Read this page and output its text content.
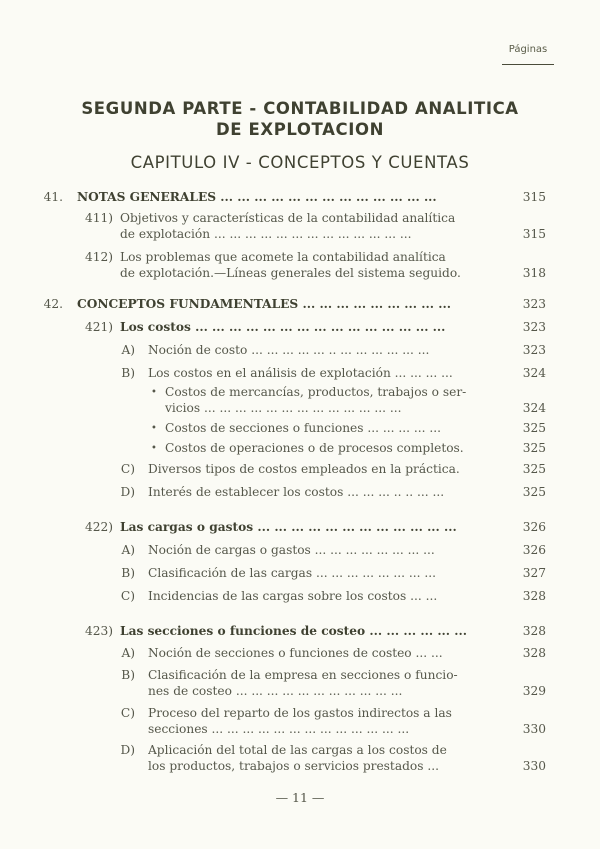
Páginas
SEGUNDA PARTE - CONTABILIDAD ANALITICA
DE EXPLOTACION
CAPITULO IV - CONCEPTOS Y CUENTAS
41. NOTAS GENERALES ... ... ... ... ... ... ... ... ... ... ... ... ...	315
411) Objetivos y características de la contabilidad analítica
de explotación ... ... ... ... ... ... ... ... ... ... ... ... ...	315
412) Los problemas que acomete la contabilidad analítica
de explotación.—Líneas generales del sistema seguido.	318
42. CONCEPTOS FUNDAMENTALES ... ... ... ... ... ... ... ... ...	323
421) Los costos ... ... ... ... ... ... ... ... ... ... ... ... ... ... ...	323
A) Noción de costo ... ... ... ... ... .. ... ... ... ... ... ...	323
B) Los costos en el análisis de explotación ... ... ... ...	324
• Costos de mercancías, productos, trabajos o ser-
vicios ... ... ... ... ... ... ... ... ... ... ... ... ...	324
• Costos de secciones o funciones ... ... ... ... ...	325
• Costos de operaciones o de procesos completos.	325
C) Diversos tipos de costos empleados en la práctica.	325
D) Interés de establecer los costos ... ... ... .. .. ... ...	325
422) Las cargas o gastos ... ... ... ... ... ... ... ... ... ... ... ...	326
A) Noción de cargas o gastos ... ... ... ... ... ... ... ...	326
B) Clasificación de las cargas ... ... ... ... ... ... ... ...	327
C) Incidencias de las cargas sobre los costos ... ...	328
423) Las secciones o funciones de costeo ... ... ... ... ... ...	328
A) Noción de secciones o funciones de costeo ... ...	328
B) Clasificación de la empresa en secciones o funcio-
nes de costeo ... ... ... ... ... ... ... ... ... ... ...	329
C) Proceso del reparto de los gastos indirectos a las
secciones ... ... ... ... ... ... ... ... ... ... ... ... ...	330
D) Aplicación del total de las cargas a los costos de
los productos, trabajos o servicios prestados ...	330
— 11 —
